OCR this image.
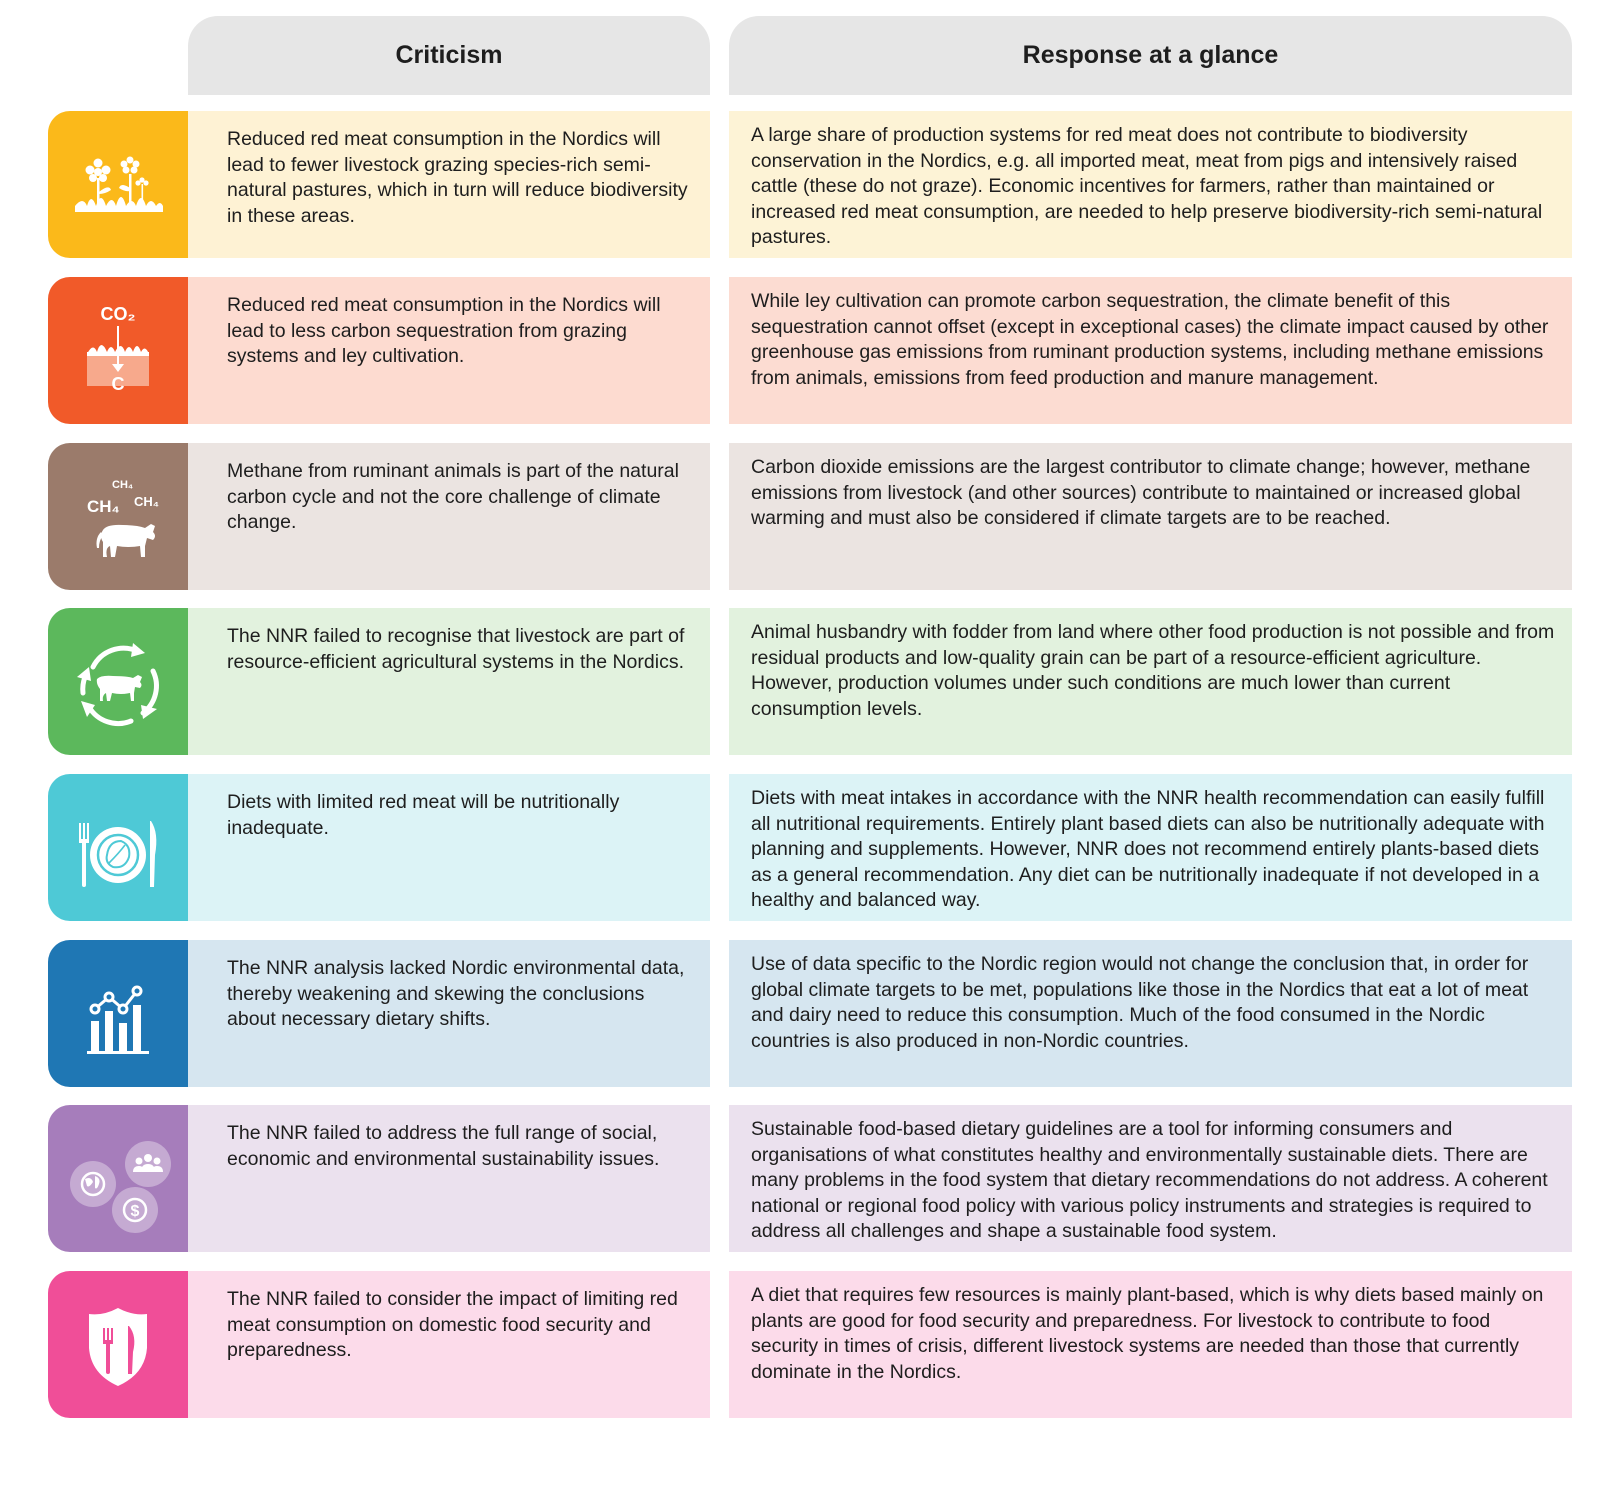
Criticism	Response at a glance
Reduced red meat consumption in the Nordics will lead to fewer livestock grazing species-rich semi-natural pastures, which in turn will reduce biodiversity in these areas.
A large share of production systems for red meat does not contribute to biodiversity conservation in the Nordics, e.g. all imported meat, meat from pigs and intensively raised cattle (these do not graze). Economic incentives for farmers, rather than maintained or increased red meat consumption, are needed to help preserve biodiversity-rich semi-natural pastures.
CO₂
C
Reduced red meat consumption in the Nordics will lead to less carbon sequestration from grazing systems and ley cultivation.
While ley cultivation can promote carbon sequestration, the climate benefit of this sequestration cannot offset (except in exceptional cases) the climate impact caused by other greenhouse gas emissions from ruminant production systems, including methane emissions from animals, emissions from feed production and manure management.
CH₄
CH₄ CH₄
Methane from ruminant animals is part of the natural carbon cycle and not the core challenge of climate change.
Carbon dioxide emissions are the largest contributor to climate change; however, methane emissions from livestock (and other sources) contribute to maintained or increased global warming and must also be considered if climate targets are to be reached.
The NNR failed to recognise that livestock are part of resource-efficient agricultural systems in the Nordics.
Animal husbandry with fodder from land where other food production is not possible and from residual products and low-quality grain can be part of a resource-efficient agriculture. However, production volumes under such conditions are much lower than current consumption levels.
Diets with limited red meat will be nutritionally inadequate.
Diets with meat intakes in accordance with the NNR health recommendation can easily fulfill all nutritional requirements. Entirely plant based diets can also be nutritionally adequate with planning and supplements. However, NNR does not recommend entirely plants-based diets as a general recommendation. Any diet can be nutritionally inadequate if not developed in a healthy and balanced way.
The NNR analysis lacked Nordic environmental data, thereby weakening and skewing the conclusions about necessary dietary shifts.
Use of data specific to the Nordic region would not change the conclusion that, in order for global climate targets to be met, populations like those in the Nordics that eat a lot of meat and dairy need to reduce this consumption. Much of the food consumed in the Nordic countries is also produced in non-Nordic countries.
$
The NNR failed to address the full range of social, economic and environmental sustainability issues.
Sustainable food-based dietary guidelines are a tool for informing consumers and organisations of what constitutes healthy and environmentally sustainable diets. There are many problems in the food system that dietary recommendations do not address. A coherent national or regional food policy with various policy instruments and strategies is required to address all challenges and shape a sustainable food system.
The NNR failed to consider the impact of limiting red meat consumption on domestic food security and preparedness.
A diet that requires few resources is mainly plant-based, which is why diets based mainly on plants are good for food security and preparedness. For livestock to contribute to food security in times of crisis, different livestock systems are needed than those that currently dominate in the Nordics.
